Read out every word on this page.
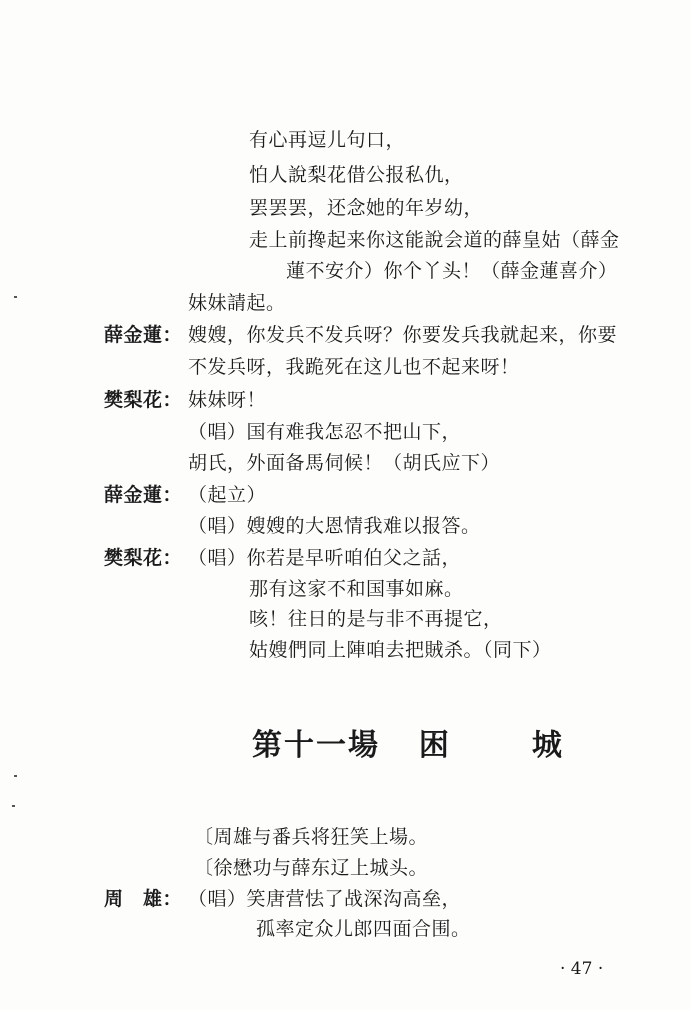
有心再逗儿句口，
怕人說梨花借公报私仇，
罢罢罢，还念她的年岁幼，
走上前搀起来你这能說会道的薛皇姑（薛金
蓮不安介）你个丫头！（薛金蓮喜介）
妹妹請起。
薛金蓮： 嫂嫂，你发兵不发兵呀？你要发兵我就起来，你要
不发兵呀，我跪死在这儿也不起来呀！
樊梨花： 妹妹呀！
（唱）国有难我怎忍不把山下，
胡氏，外面备馬伺候！（胡氏应下）
薛金蓮： （起立）
（唱）嫂嫂的大恩情我难以报答。
樊梨花： （唱）你若是早听咱伯父之話，
那有这家不和国事如麻。
咳！往日的是与非不再提它，
姑嫂們同上陣咱去把賊杀。（同下）
第十一場 困	城
〔周雄与番兵将狂笑上場。
〔徐懋功与薛东辽上城头。
周　雄： （唱）笑唐营怯了战深沟高垒，
孤率定众儿郎四面合围。
· 47 ·
